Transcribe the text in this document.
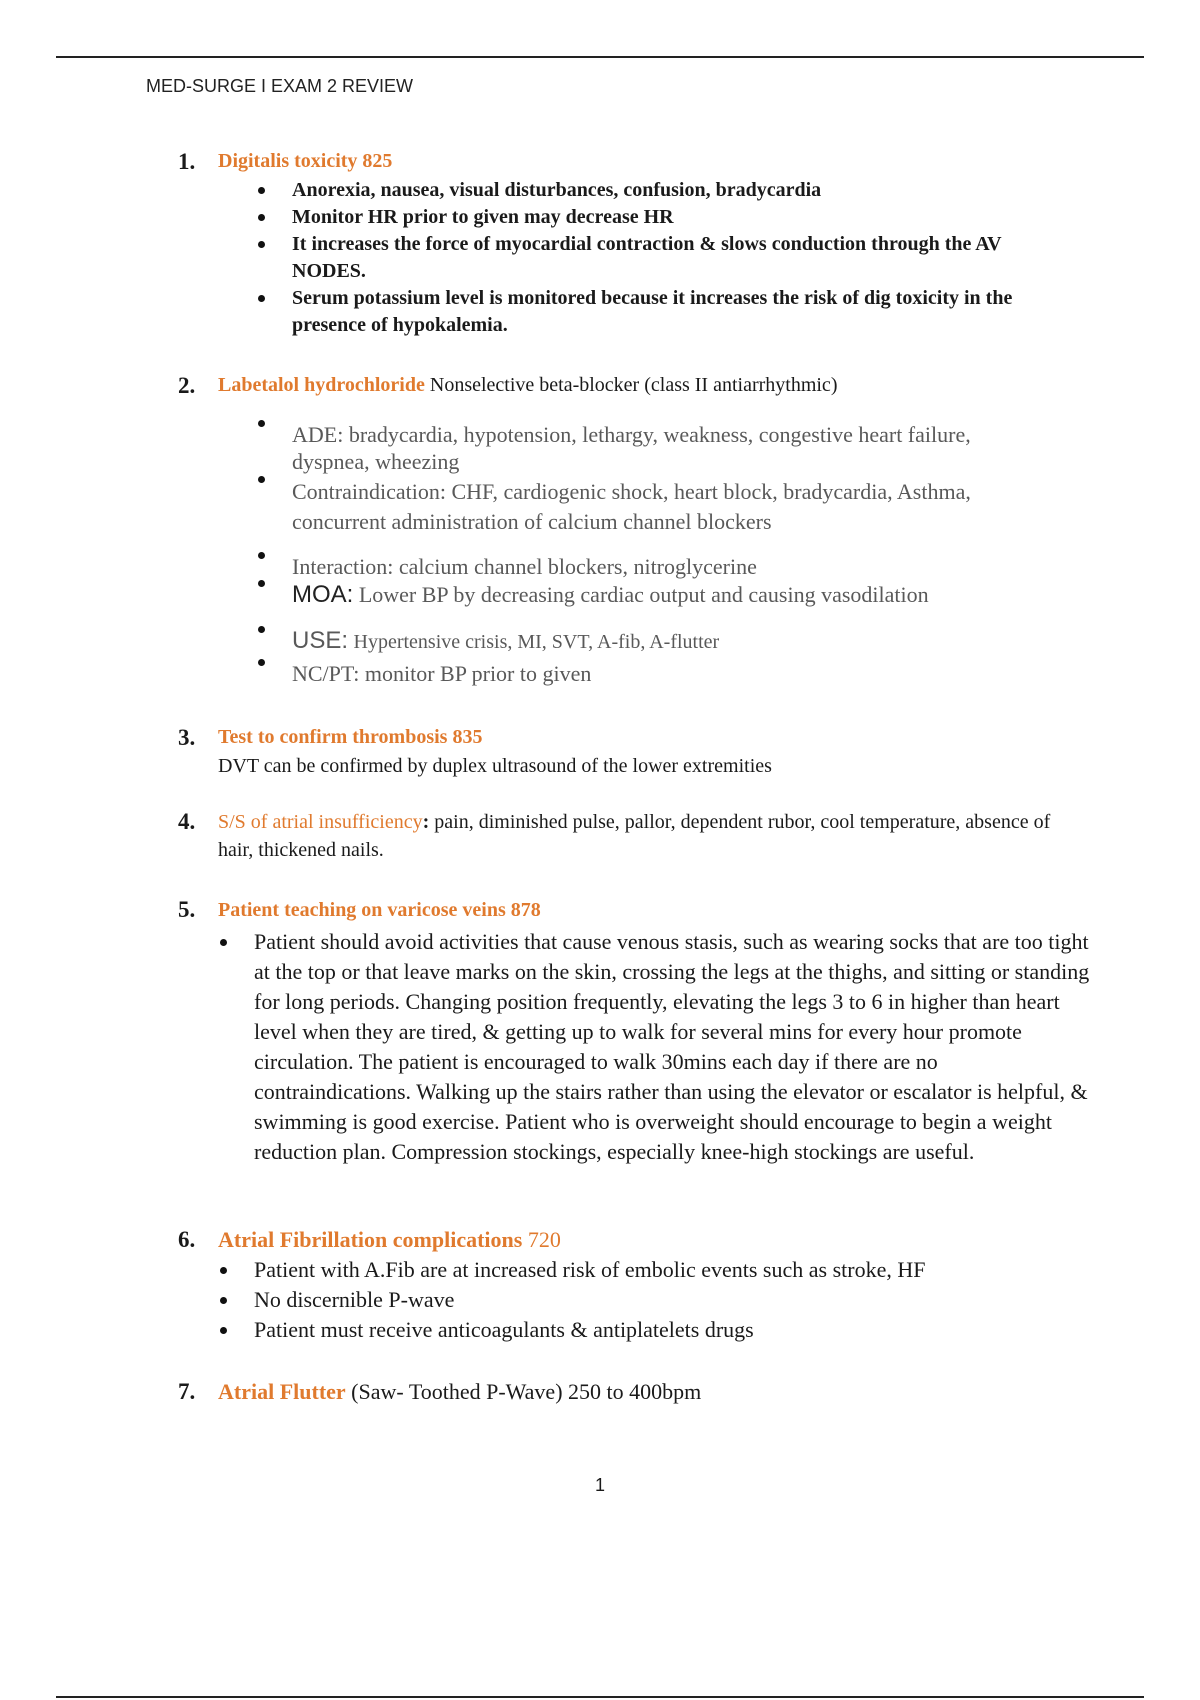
MED-SURGE I EXAM 2 REVIEW
1. Digitalis toxicity 825
Anorexia, nausea, visual disturbances, confusion, bradycardia
Monitor HR prior to given may decrease HR
It increases the force of myocardial contraction & slows conduction through the AV NODES.
Serum potassium level is monitored because it increases the risk of dig toxicity in the presence of hypokalemia.
2. Labetalol hydrochloride Nonselective beta-blocker (class II antiarrhythmic)
ADE: bradycardia, hypotension, lethargy, weakness, congestive heart failure, dyspnea, wheezing
Contraindication: CHF, cardiogenic shock, heart block, bradycardia, Asthma, concurrent administration of calcium channel blockers
Interaction: calcium channel blockers, nitroglycerine
MOA: Lower BP by decreasing cardiac output and causing vasodilation
USE: Hypertensive crisis, MI, SVT, A-fib, A-flutter
NC/PT: monitor BP prior to given
3. Test to confirm thrombosis 835
DVT can be confirmed by duplex ultrasound of the lower extremities
4. S/S of atrial insufficiency: pain, diminished pulse, pallor, dependent rubor, cool temperature, absence of hair, thickened nails.
5. Patient teaching on varicose veins 878
Patient should avoid activities that cause venous stasis, such as wearing socks that are too tight at the top or that leave marks on the skin, crossing the legs at the thighs, and sitting or standing for long periods. Changing position frequently, elevating the legs 3 to 6 in higher than heart level when they are tired, & getting up to walk for several mins for every hour promote circulation. The patient is encouraged to walk 30mins each day if there are no contraindications. Walking up the stairs rather than using the elevator or escalator is helpful, & swimming is good exercise. Patient who is overweight should encourage to begin a weight reduction plan. Compression stockings, especially knee-high stockings are useful.
6. Atrial Fibrillation complications 720
Patient with A.Fib are at increased risk of embolic events such as stroke, HF
No discernible P-wave
Patient must receive anticoagulants & antiplatelets drugs
7. Atrial Flutter (Saw- Toothed P-Wave) 250 to 400bpm
1
